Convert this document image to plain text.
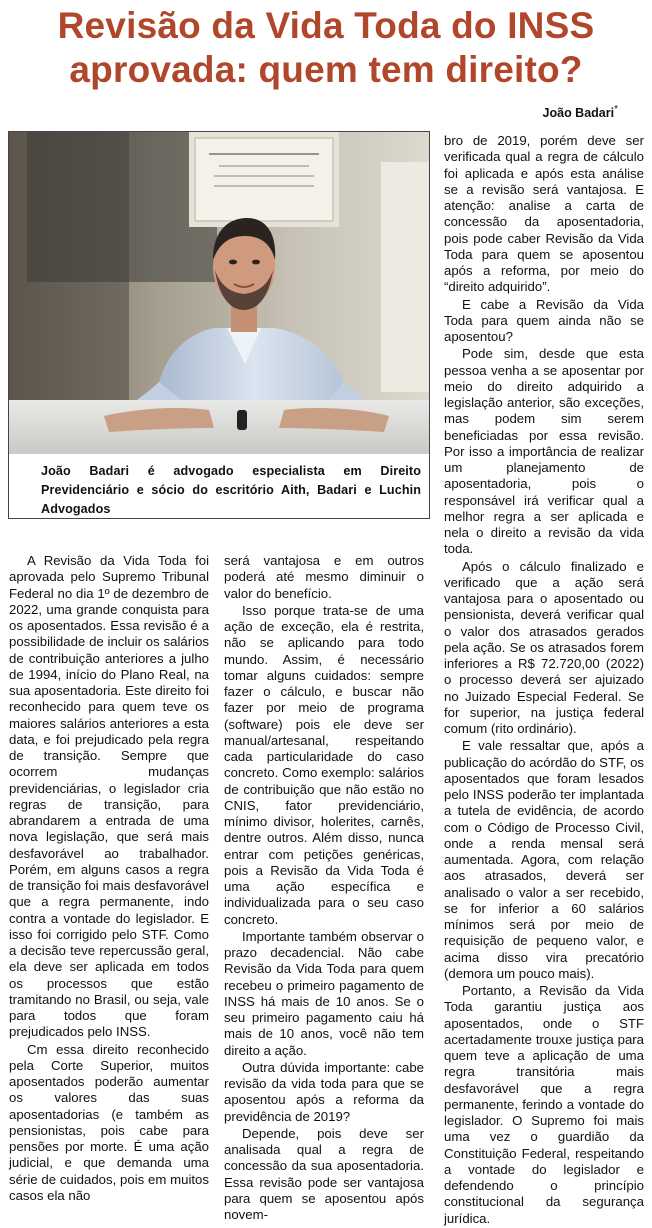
Revisão da Vida Toda do INSS
aprovada: quem tem direito?
João Badari*
João Badari é advogado especialista em Direito Previdenciário e sócio do escritório Aith, Badari e Luchin Advogados

A Revisão da Vida Toda foi aprovada pelo Supremo Tribunal Federal no dia 1º de dezembro de 2022, uma grande conquista para os aposentados. Essa revisão é a possibilidade de incluir os salários de contribuição anteriores a julho de 1994, início do Plano Real, na sua aposentadoria. Este direito foi reconhecido para quem teve os maiores salários anteriores a esta data, e foi prejudicado pela regra de transição. Sempre que ocorrem mudanças previdenciárias, o legislador cria regras de transição, para abrandarem a entrada de uma nova legislação, que será mais desfavorável ao trabalhador. Porém, em alguns casos a regra de transição foi mais desfavorável que a regra permanente, indo contra a vontade do legislador. E isso foi corrigido pelo STF. Como a decisão teve repercussão geral, ela deve ser aplicada em todos os processos que estão tramitando no Brasil, ou seja, vale para todos que foram prejudicados pelo INSS.

Cm essa direito reconhecido pela Corte Superior, muitos aposentados poderão aumentar os valores das suas aposentadorias (e também as pensionistas, pois cabe para pensões por morte. É uma ação judicial, e que demanda uma série de cuidados, pois em muitos casos ela não

será vantajosa e em outros poderá até mesmo diminuir o valor do benefício.

Isso porque trata-se de uma ação de exceção, ela é restrita, não se aplicando para todo mundo. Assim, é necessário tomar alguns cuidados: sempre fazer o cálculo, e buscar não fazer por meio de programa (software) pois ele deve ser manual/artesanal, respeitando cada particularidade do caso concreto. Como exemplo: salários de contribuição que não estão no CNIS, fator previdenciário, mínimo divisor, holerites, carnês, dentre outros. Além disso, nunca entrar com petições genéricas, pois a Revisão da Vida Toda é uma ação específica e individualizada para o seu caso concreto.

Importante também observar o prazo decadencial. Não cabe Revisão da Vida Toda para quem recebeu o primeiro pagamento de INSS há mais de 10 anos. Se o seu primeiro pagamento caiu há mais de 10 anos, você não tem direito a ação.

Outra dúvida importante: cabe revisão da vida toda para que se aposentou após a reforma da previdência de 2019?

Depende, pois deve ser analisada qual a regra de concessão da sua aposentadoria. Essa revisão pode ser vantajosa para quem se aposentou após novem-

bro de 2019, porém deve ser verificada qual a regra de cálculo foi aplicada e após esta análise se a revisão será vantajosa. E atenção: analise a carta de concessão da aposentadoria, pois pode caber Revisão da Vida Toda para quem se aposentou após a reforma, por meio do “direito adquirido”.

E cabe a Revisão da Vida Toda para quem ainda não se aposentou?

Pode sim, desde que esta pessoa venha a se aposentar por meio do direito adquirido a legislação anterior, são exceções, mas podem sim serem beneficiadas por essa revisão. Por isso a importância de realizar um planejamento de aposentadoria, pois o responsável irá verificar qual a melhor regra a ser aplicada e nela o direito a revisão da vida toda.

Após o cálculo finalizado e verificado que a ação será vantajosa para o aposentado ou pensionista, deverá verificar qual o valor dos atrasados gerados pela ação. Se os atrasados forem inferiores a R$ 72.720,00 (2022) o processo deverá ser ajuizado no Juizado Especial Federal. Se for superior, na justiça federal comum (rito ordinário).

E vale ressaltar que, após a publicação do acórdão do STF, os aposentados que foram lesados pelo INSS poderão ter implantada a tutela de evidência, de acordo com o Código de Processo Civil, onde a renda mensal será aumentada. Agora, com relação aos atrasados, deverá ser analisado o valor a ser recebido, se for inferior a 60 salários mínimos será por meio de requisição de pequeno valor, e acima disso vira precatório (demora um pouco mais).

Portanto, a Revisão da Vida Toda garantiu justiça aos aposentados, onde o STF acertadamente trouxe justiça para quem teve a aplicação de uma regra transitória mais desfavorável que a regra permanente, ferindo a vontade do legislador. O Supremo foi mais uma vez o guardião da Constituição Federal, respeitando a vontade do legislador e defendendo o princípio constitucional da segurança jurídica.
